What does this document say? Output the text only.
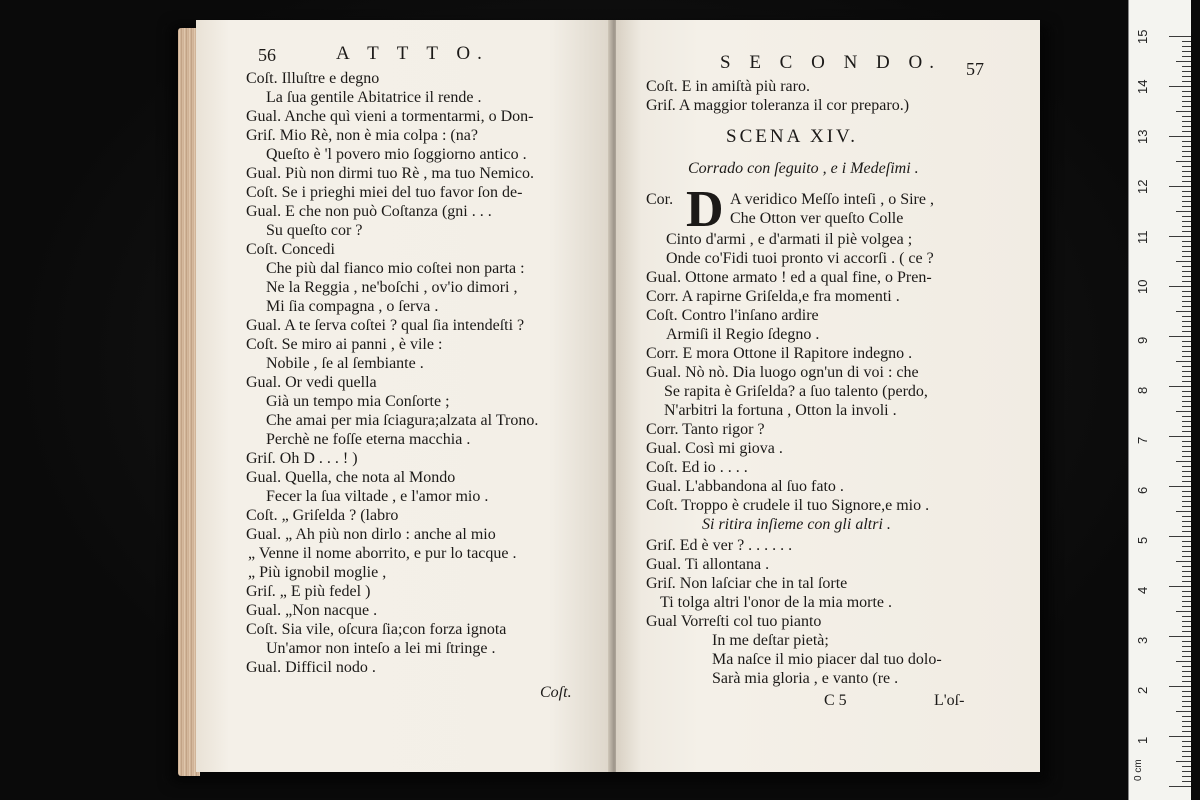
56	A T T T O.
Coſt. Illuſtre e degno
La ſua gentile Abitatrice il rende .
Gual. Anche quì vieni a tormentarmi, o Don-
Griſ. Mio Rè, non è mia colpa : (na?
Queſto è 'l povero mio ſoggiorno antico .
Gual. Più non dirmi tuo Rè , ma tuo Nemico.
Coſt. Se i prieghi miei del tuo favor ſon de-
Gual. E che non può Coſtanza (gni . . .
Su queſto cor ?
Coſt. Concedi
Che più dal fianco mio coſtei non parta :
Ne la Reggia , ne'boſchi , ov'io dimori ,
Mi ſia compagna , o ſerva .
Gual. A te ſerva coſtei ? qual ſia intendeſti ?
Coſt. Se miro ai panni , è vile :
Nobile , ſe al ſembiante .
Gual. Or vedi quella
Già un tempo mia Conſorte ;
Che amai per mia ſciagura;alzata al Trono.
Perchè ne foſſe eterna macchia .
Griſ. Oh D . . . ! )
Gual. Quella, che nota al Mondo
Fecer la ſua viltade , e l'amor mio .
Coſt. „ Griſelda ? (labro
Gual. „ Ah più non dirlo : anche al mio
„ Venne il nome aborrito, e pur lo tacque .
„ Più ignobil moglie ,
Griſ. „ E più fedel )
Gual. „Non nacque .
Coſt. Sia vile, oſcura ſia;con forza ignota
Un'amor non inteſo a lei mi ſtringe .
Gual. Difficil nodo .
Coſt.
S E C O N D O. 57
Coſt. E in amiſtà più raro.
Griſ. A maggior toleranza il cor preparo.)
SCENA XIV.
Corrado con ſeguito , e i Medeſimi .
Cor. D A veridico Meſſo inteſi , o Sire ,
Che Otton ver queſto Colle
Cinto d'armi , e d'armati il piè volgea ;
Onde co'Fidi tuoi pronto vi accorſi . ( ce ?
Gual. Ottone armato ! ed a qual fine, o Pren-
Corr. A rapirne Griſelda,e fra momenti .
Coſt. Contro l'inſano ardire
Armiſi il Regio ſdegno .
Corr. E mora Ottone il Rapitore indegno .
Gual. Nò nò. Dia luogo ogn'un di voi : che
Se rapita è Griſelda? a ſuo talento (perdo,
N'arbitri la fortuna , Otton la involi .
Corr. Tanto rigor ?
Gual. Così mi giova .
Coſt. Ed io . . . .
Gual. L'abbandona al ſuo fato .
Coſt. Troppo è crudele il tuo Signore,e mio .
Si ritira inſieme con gli altri .
Griſ. Ed è ver ? . . . . . .
Gual. Ti allontana .
Griſ. Non laſciar che in tal ſorte
Ti tolga altri l'onor de la mia morte .
Gual Vorreſti col tuo pianto
In me deſtar pietà;
Ma naſce il mio piacer dal tuo dolo-
Sarà mia gloria , e vanto (re .
C 5	L'oſ-
0 cm
15
14
13
12
11
10
9
8
7
6
5
4
3
2
1
